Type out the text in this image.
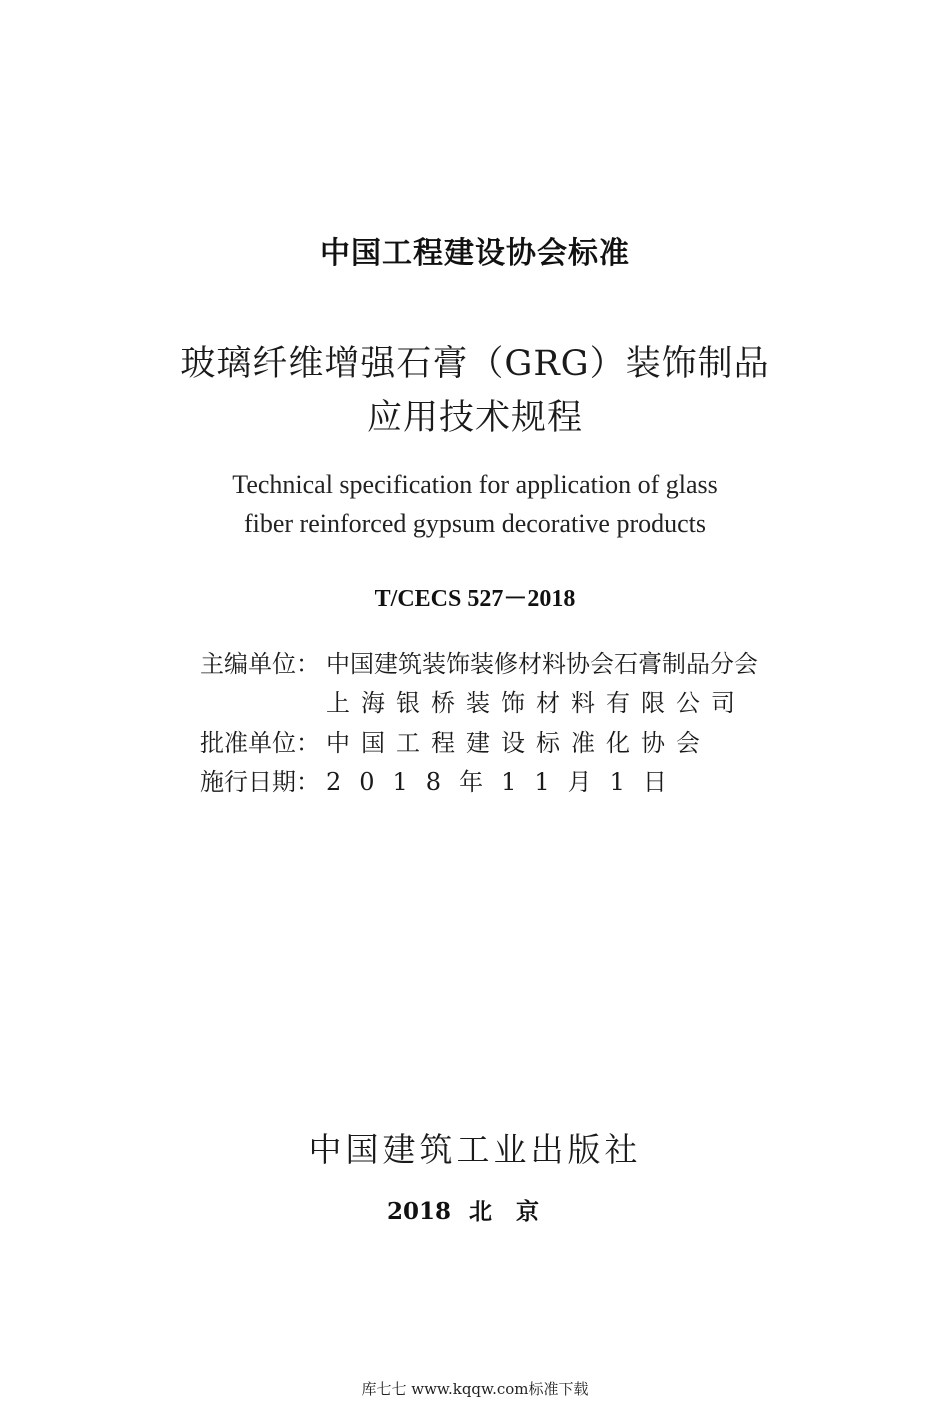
中国工程建设协会标准
玻璃纤维增强石膏（GRG）装饰制品
应用技术规程
Technical specification for application of glass
fiber reinforced gypsum decorative products
T/CECS 527－2018
主编单位： 中国建筑装饰装修材料协会石膏制品分会
上海银桥装饰材料有限公司
批准单位： 中国工程建设标准化协会
施行日期： 2018年11月1日
中国建筑工业出版社
2018 北京
库七七 www.kqqw.com标准下载
